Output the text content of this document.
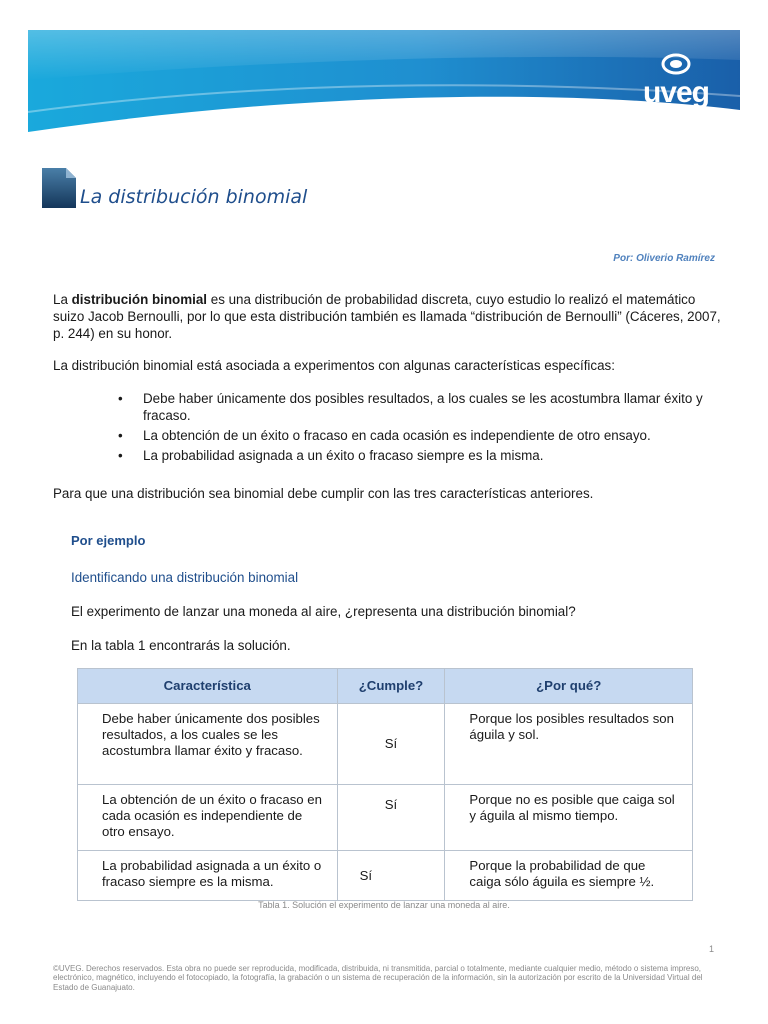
uveg
universidad virtual del estado de guanajuato
La distribución binomial
Por: Oliverio Ramírez

La distribución binomial es una distribución de probabilidad discreta, cuyo estudio lo realizó el matemático suizo Jacob Bernoulli, por lo que esta distribución también es llamada “distribución de Bernoulli” (Cáceres, 2007, p. 244) en su honor.

La distribución binomial está asociada a experimentos con algunas características específicas:

• Debe haber únicamente dos posibles resultados, a los cuales se les acostumbra llamar éxito y fracaso.
• La obtención de un éxito o fracaso en cada ocasión es independiente de otro ensayo.
• La probabilidad asignada a un éxito o fracaso siempre es la misma.

Para que una distribución sea binomial debe cumplir con las tres características anteriores.

Por ejemplo
Identificando una distribución binomial

El experimento de lanzar una moneda al aire, ¿representa una distribución binomial?

En la tabla 1 encontrarás la solución.

Característica	¿Cumple?	¿Por qué?
Debe haber únicamente dos posibles resultados, a los cuales se les acostumbra llamar éxito y fracaso.	Sí	Porque los posibles resultados son águila y sol.
La obtención de un éxito o fracaso en cada ocasión es independiente de otro ensayo.	Sí	Porque no es posible que caiga sol y águila al mismo tiempo.
La probabilidad asignada a un éxito o fracaso siempre es la misma.	Sí	Porque la probabilidad de que caiga sólo águila es siempre ½.
Tabla 1. Solución el experimento de lanzar una moneda al aire.
1
©UVEG. Derechos reservados. Esta obra no puede ser reproducida, modificada, distribuida, ni transmitida, parcial o totalmente, mediante cualquier medio, método o sistema impreso, electrónico, magnético, incluyendo el fotocopiado, la fotografía, la grabación o un sistema de recuperación de la información, sin la autorización por escrito de la Universidad Virtual del Estado de Guanajuato.
